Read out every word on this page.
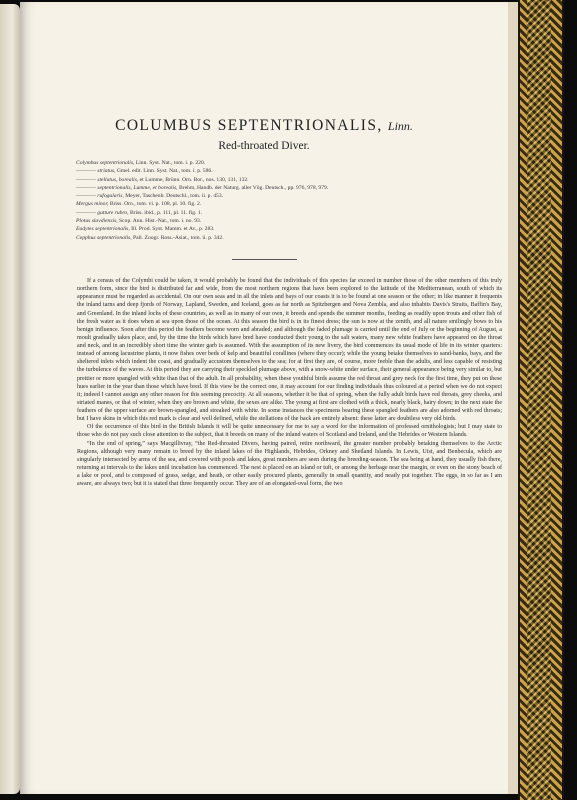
COLUMBUS SEPTENTRIONALIS, Linn.
Red-throated Diver.
Colymbus septentrionalis, Linn. Syst. Nat., tom. i. p. 220.
———— striatus, Gmel. edit. Linn. Syst. Nat., tom. i. p. 586.
———— stellatus, borealis, et Lumme, Brünn. Orn. Bor., nos. 130, 131, 132.
———— septentrionalis, Lumme, et borealis, Brehm, Handb. der Naturg. aller Vög. Deutsch., pp. 976, 978, 979.
———— rufogularis, Meyer, Taschenb. Deutschl., tom. ii. p. 453.
Mergus minor, Briss. Orn., tom. vi. p. 108, pl. 10. fig. 2.
———— gutture rubro, Briss. ibid., p. 111, pl. 11. fig. 1.
Plotus slavdiensis, Scop. Ann. Hist.-Nat., tom. i. no. 93.
Eudytes septentrionalis, Ill. Prod. Syst. Mamm. et Av., p. 283.
Cepphus septentrionalis, Pall. Zoogr. Ross.-Asiat., tom. ii. p. 342.

If a census of the Colymbi could be taken, it would probably be found that the individuals of this species far exceed in number those of the other members of this truly northern form, since the bird is distributed far and wide, from the most northern regions that have been explored to the latitude of the Mediterranean, south of which its appearance must be regarded as accidental. On our own seas and in all the inlets and bays of our coasts it is to be found at one season or the other; in like manner it frequents the inland tarns and deep fjords of Norway, Lapland, Sweden, and Iceland, goes as far north as Spitzbergen and Nova Zembla, and also inhabits Davis's Straits, Baffin's Bay, and Greenland. In the inland lochs of these countries, as well as in many of our own, it breeds and spends the summer months, feeding as readily upon trouts and other fish of the fresh water as it does when at sea upon those of the ocean. At this season the bird is in its finest dress; the sun is now at the zenith, and all nature smilingly bows to his benign influence. Soon after this period the feathers become worn and abraded; and although the faded plumage is carried until the end of July or the beginning of August, a moult gradually takes place, and, by the time the birds which have bred have conducted their young to the salt waters, many new white feathers have appeared on the throat and neck, and in an incredibly short time the winter garb is assumed. With the assumption of its new livery, the bird commences its usual mode of life in its winter quarters: instead of among lacustrine plants, it now fishes over beds of kelp and beautiful corallines (where they occur); while the young betake themselves to sand-banks, bays, and the sheltered inlets which indent the coast, and gradually accustom themselves to the sea; for at first they are, of course, more feeble than the adults, and less capable of resisting the turbulence of the waves. At this period they are carrying their speckled plumage above, with a snow-white under surface, their general appearance being very similar to, but prettier or more spangled with white than that of the adult. In all probability, when these youthful birds assume the red throat and grey neck for the first time, they put on these hues earlier in the year than those which have bred. If this view be the correct one, it may account for our finding individuals thus coloured at a period when we do not expect it; indeed I cannot assign any other reason for this seeming precocity. At all seasons, whether it be that of spring, when the fully adult birds have red throats, grey cheeks, and striated manes, or that of winter, when they are brown and white, the sexes are alike. The young at first are clothed with a thick, nearly black, hairy down; in the next state the feathers of the upper surface are brown-spangled, and streaked with white. In some instances the specimens bearing these spangled feathers are also adorned with red throats; but I have skins in which this red mark is clear and well defined, while the stellations of the back are entirely absent: these latter are doubtless very old birds.

Of the occurrence of this bird in the British Islands it will be quite unnecessary for me to say a word for the information of professed ornithologists; but I may state to those who do not pay such close attention to the subject, that it breeds on many of the inland waters of Scotland and Ireland, and the Hebrides or Western Islands.

“In the end of spring,” says Macgillivray, “the Red-throated Divers, having paired, retire northward, the greater number probably betaking themselves to the Arctic Regions, although very many remain to breed by the inland lakes of the Highlands, Hebrides, Orkney and Shetland Islands. In Lewis, Uist, and Benbecula, which are singularly intersected by arms of the sea, and covered with pools and lakes, great numbers are seen during the breeding-season. The sea being at hand, they usually fish there, returning at intervals to the lakes until incubation has commenced. The nest is placed on an island or tuft, or among the herbage near the margin, or even on the stony beach of a lake or pool, and is composed of grass, sedge, and heath, or other easily procured plants, generally in small quantity, and neatly put together. The eggs, in so far as I am aware, are always two; but it is stated that three frequently occur. They are of an elongated-oval form, the two
